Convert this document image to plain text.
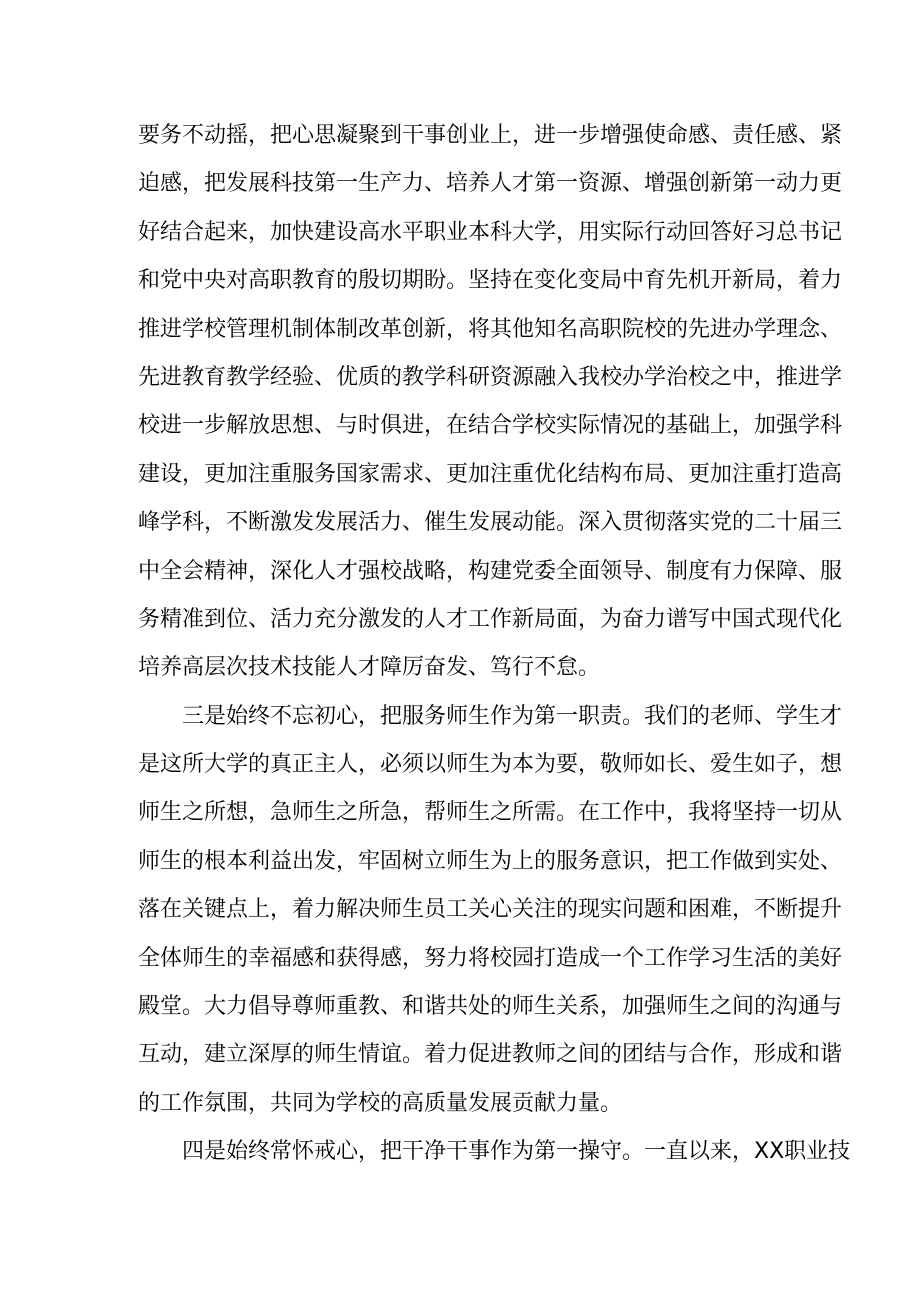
要务不动摇，把心思凝聚到干事创业上，进一步增强使命感、责任感、紧
迫感，把发展科技第一生产力、培养人才第一资源、增强创新第一动力更
好结合起来，加快建设高水平职业本科大学，用实际行动回答好习总书记
和党中央对高职教育的殷切期盼。坚持在变化变局中育先机开新局，着力
推进学校管理机制体制改革创新，将其他知名高职院校的先进办学理念、
先进教育教学经验、优质的教学科研资源融入我校办学治校之中，推进学
校进一步解放思想、与时俱进，在结合学校实际情况的基础上，加强学科
建设，更加注重服务国家需求、更加注重优化结构布局、更加注重打造高
峰学科，不断激发发展活力、催生发展动能。深入贯彻落实党的二十届三
中全会精神，深化人才强校战略，构建党委全面领导、制度有力保障、服
务精准到位、活力充分激发的人才工作新局面，为奋力谱写中国式现代化
培养高层次技术技能人才障厉奋发、笃行不怠。
三是始终不忘初心，把服务师生作为第一职责。我们的老师、学生才
是这所大学的真正主人，必须以师生为本为要，敬师如长、爱生如子，想
师生之所想，急师生之所急，帮师生之所需。在工作中，我将坚持一切从
师生的根本利益出发，牢固树立师生为上的服务意识，把工作做到实处、
落在关键点上，着力解决师生员工关心关注的现实问题和困难，不断提升
全体师生的幸福感和获得感，努力将校园打造成一个工作学习生活的美好
殿堂。大力倡导尊师重教、和谐共处的师生关系，加强师生之间的沟通与
互动，建立深厚的师生情谊。着力促进教师之间的团结与合作，形成和谐
的工作氛围，共同为学校的高质量发展贡献力量。
四是始终常怀戒心，把干净干事作为第一操守。一直以来，XX职业技
